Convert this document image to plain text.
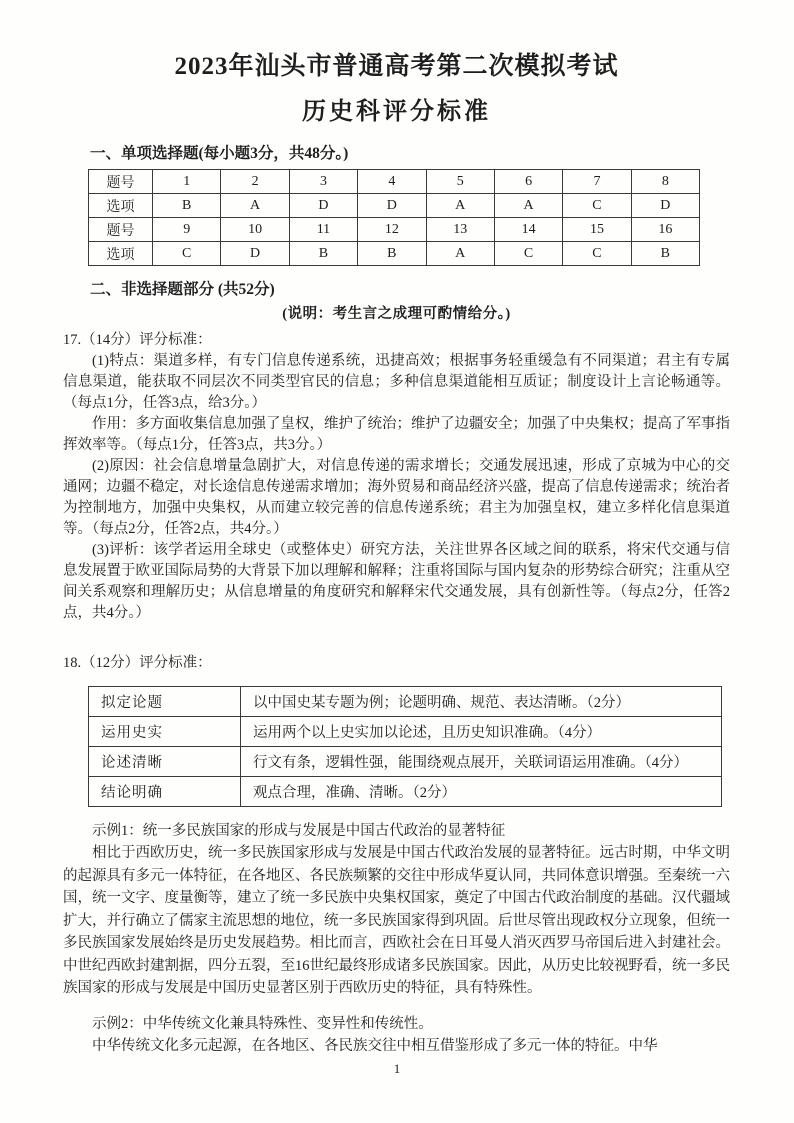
2023年汕头市普通高考第二次模拟考试
历史科评分标准
一、单项选择题(每小题3分，共48分。)
题号	1	2	3	4	5	6	7	8
选项	B	A	D	D	A	A	C	D
题号	9	10	11	12	13	14	15	16
选项	C	D	B	B	A	C	C	B
二、非选择题部分 (共52分)
(说明：考生言之成理可酌情给分。)
17.（14分）评分标准：

(1)特点：渠道多样，有专门信息传递系统，迅捷高效；根据事务轻重缓急有不同渠道；君主有专属信息渠道，能获取不同层次不同类型官民的信息；多种信息渠道能相互质证；制度设计上言论畅通等。（每点1分，任答3点，给3分。）

作用：多方面收集信息加强了皇权，维护了统治；维护了边疆安全；加强了中央集权；提高了军事指挥效率等。（每点1分，任答3点，共3分。）

(2)原因：社会信息增量急剧扩大，对信息传递的需求增长；交通发展迅速，形成了京城为中心的交通网；边疆不稳定，对长途信息传递需求增加；海外贸易和商品经济兴盛，提高了信息传递需求；统治者为控制地方，加强中央集权，从而建立较完善的信息传递系统；君主为加强皇权，建立多样化信息渠道等。（每点2分，任答2点，共4分。）

(3)评析：该学者运用全球史（或整体史）研究方法，关注世界各区域之间的联系，将宋代交通与信息发展置于欧亚国际局势的大背景下加以理解和解释；注重将国际与国内复杂的形势综合研究；注重从空间关系观察和理解历史；从信息增量的角度研究和解释宋代交通发展，具有创新性等。（每点2分，任答2点，共4分。）

18.（12分）评分标准：
拟定论题	以中国史某专题为例；论题明确、规范、表达清晰。（2分）
运用史实	运用两个以上史实加以论述，且历史知识准确。（4分）
论述清晰	行文有条，逻辑性强，能围绕观点展开，关联词语运用准确。（4分）
结论明确	观点合理，准确、清晰。（2分）
示例1：统一多民族国家的形成与发展是中国古代政治的显著特征

相比于西欧历史，统一多民族国家形成与发展是中国古代政治发展的显著特征。远古时期，中华文明的起源具有多元一体特征，在各地区、各民族频繁的交往中形成华夏认同，共同体意识增强。至秦统一六国，统一文字、度量衡等，建立了统一多民族中央集权国家，奠定了中国古代政治制度的基础。汉代疆域扩大，并行确立了儒家主流思想的地位，统一多民族国家得到巩固。后世尽管出现政权分立现象，但统一多民族国家发展始终是历史发展趋势。相比而言，西欧社会在日耳曼人消灭西罗马帝国后进入封建社会。中世纪西欧封建割据，四分五裂，至16世纪最终形成诸多民族国家。因此，从历史比较视野看，统一多民族国家的形成与发展是中国历史显著区别于西欧历史的特征，具有特殊性。

示例2：中华传统文化兼具特殊性、变异性和传统性。

中华传统文化多元起源，在各地区、各民族交往中相互借鉴形成了多元一体的特征。中华

1
